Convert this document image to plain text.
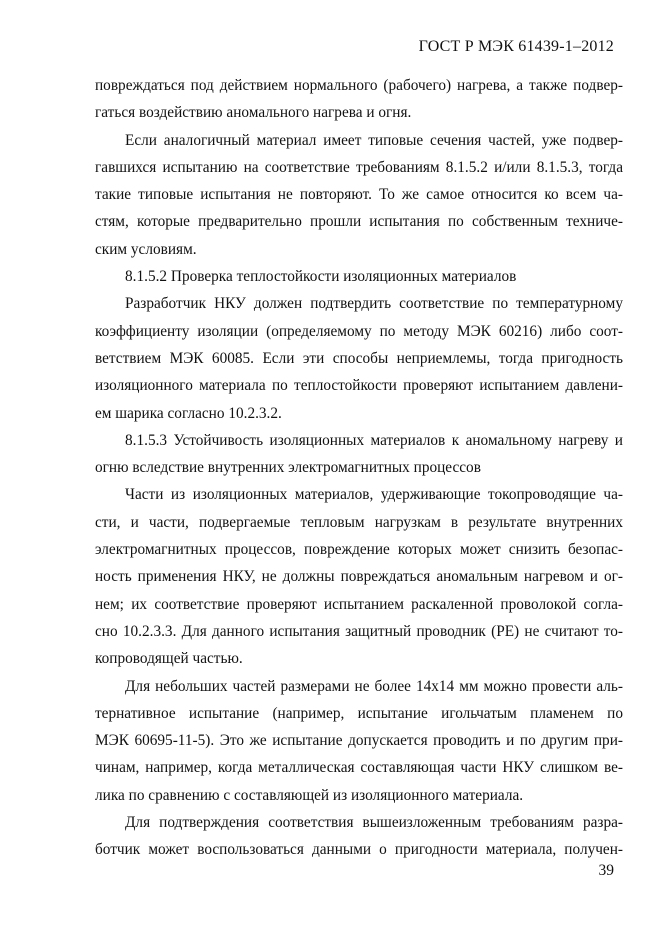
ГОСТ Р МЭК 61439-1–2012
повреждаться под действием нормального (рабочего) нагрева, а также подвер-
гаться воздействию аномального нагрева и огня.
Если аналогичный материал имеет типовые сечения частей, уже подвер-
гавшихся испытанию на соответствие требованиям 8.1.5.2 и/или 8.1.5.3, тогда
такие типовые испытания не повторяют. То же самое относится ко всем ча-
стям, которые предварительно прошли испытания по собственным техниче-
ским условиям.
8.1.5.2 Проверка теплостойкости изоляционных материалов
Разработчик НКУ должен подтвердить соответствие по температурному
коэффициенту изоляции (определяемому по методу МЭК 60216) либо соот-
ветствием МЭК 60085. Если эти способы неприемлемы, тогда пригодность
изоляционного материала по теплостойкости проверяют испытанием давлени-
ем шарика согласно 10.2.3.2.
8.1.5.3 Устойчивость изоляционных материалов к аномальному нагреву и
огню вследствие внутренних электромагнитных процессов
Части из изоляционных материалов, удерживающие токопроводящие ча-
сти, и части, подвергаемые тепловым нагрузкам в результате внутренних
электромагнитных процессов, повреждение которых может снизить безопас-
ность применения НКУ, не должны повреждаться аномальным нагревом и ог-
нем; их соответствие проверяют испытанием раскаленной проволокой согла-
сно 10.2.3.3. Для данного испытания защитный проводник (PE) не считают то-
копроводящей частью.
Для небольших частей размерами не более 14x14 мм можно провести аль-
тернативное испытание (например, испытание игольчатым пламенем по
МЭК 60695-11-5). Это же испытание допускается проводить и по другим при-
чинам, например, когда металлическая составляющая части НКУ слишком ве-
лика по сравнению с составляющей из изоляционного материала.
Для подтверждения соответствия вышеизложенным требованиям разра-
ботчик может воспользоваться данными о пригодности материала, получен-
39
